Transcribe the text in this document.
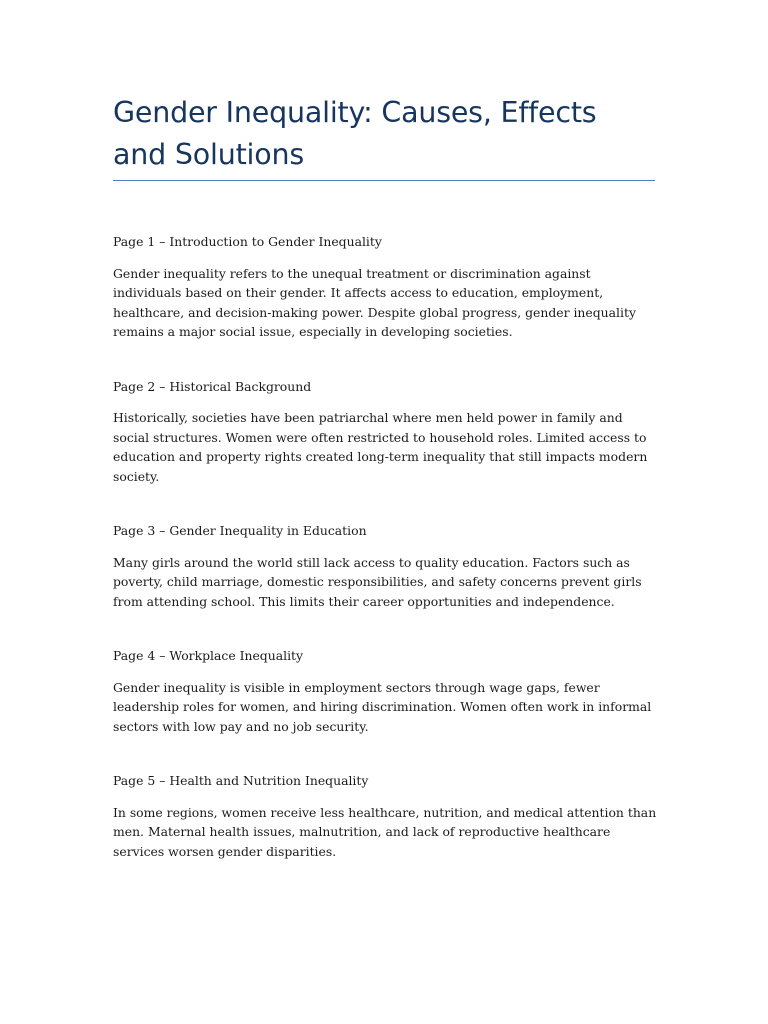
Gender Inequality: Causes, Effects and Solutions

Page 1 – Introduction to Gender Inequality

Gender inequality refers to the unequal treatment or discrimination against individuals based on their gender. It affects access to education, employment, healthcare, and decision-making power. Despite global progress, gender inequality remains a major social issue, especially in developing societies.

Page 2 – Historical Background

Historically, societies have been patriarchal where men held power in family and social structures. Women were often restricted to household roles. Limited access to education and property rights created long-term inequality that still impacts modern society.

Page 3 – Gender Inequality in Education

Many girls around the world still lack access to quality education. Factors such as poverty, child marriage, domestic responsibilities, and safety concerns prevent girls from attending school. This limits their career opportunities and independence.

Page 4 – Workplace Inequality

Gender inequality is visible in employment sectors through wage gaps, fewer leadership roles for women, and hiring discrimination. Women often work in informal sectors with low pay and no job security.

Page 5 – Health and Nutrition Inequality

In some regions, women receive less healthcare, nutrition, and medical attention than men. Maternal health issues, malnutrition, and lack of reproductive healthcare services worsen gender disparities.
